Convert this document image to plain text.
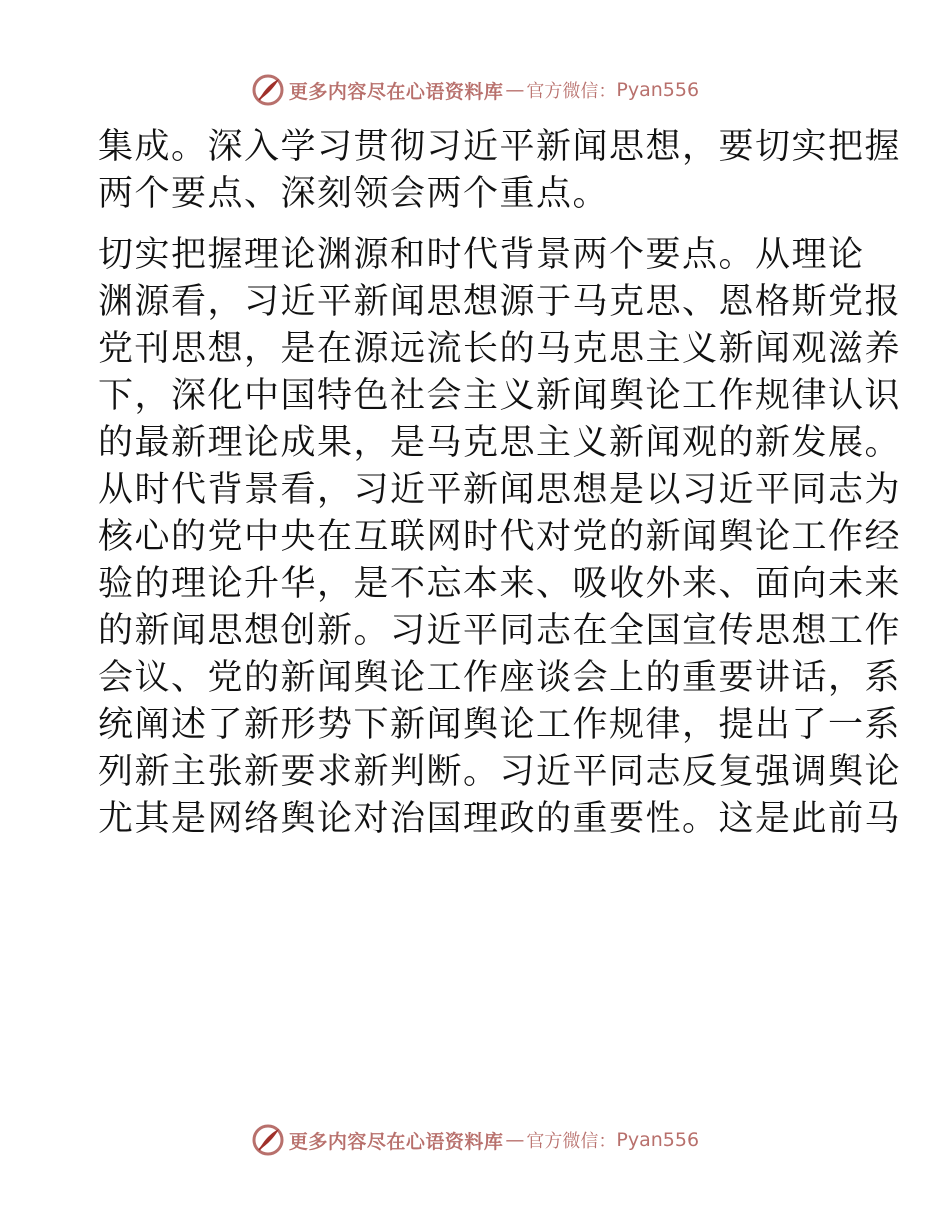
更多内容尽在心语资料库 — 官方微信： Pyan556

集成。深入学习贯彻习近平新闻思想，要切实把握

两个要点、深刻领会两个重点。

切实把握理论渊源和时代背景两个要点。从理论

渊源看，习近平新闻思想源于马克思、恩格斯党报

党刊思想，是在源远流长的马克思主义新闻观滋养

下，深化中国特色社会主义新闻舆论工作规律认识

的最新理论成果，是马克思主义新闻观的新发展。

从时代背景看，习近平新闻思想是以习近平同志为

核心的党中央在互联网时代对党的新闻舆论工作经

验的理论升华，是不忘本来、吸收外来、面向未来

的新闻思想创新。习近平同志在全国宣传思想工作

会议、党的新闻舆论工作座谈会上的重要讲话，系

统阐述了新形势下新闻舆论工作规律，提出了一系

列新主张新要求新判断。习近平同志反复强调舆论

尤其是网络舆论对治国理政的重要性。这是此前马

更多内容尽在心语资料库 — 官方微信： Pyan556
